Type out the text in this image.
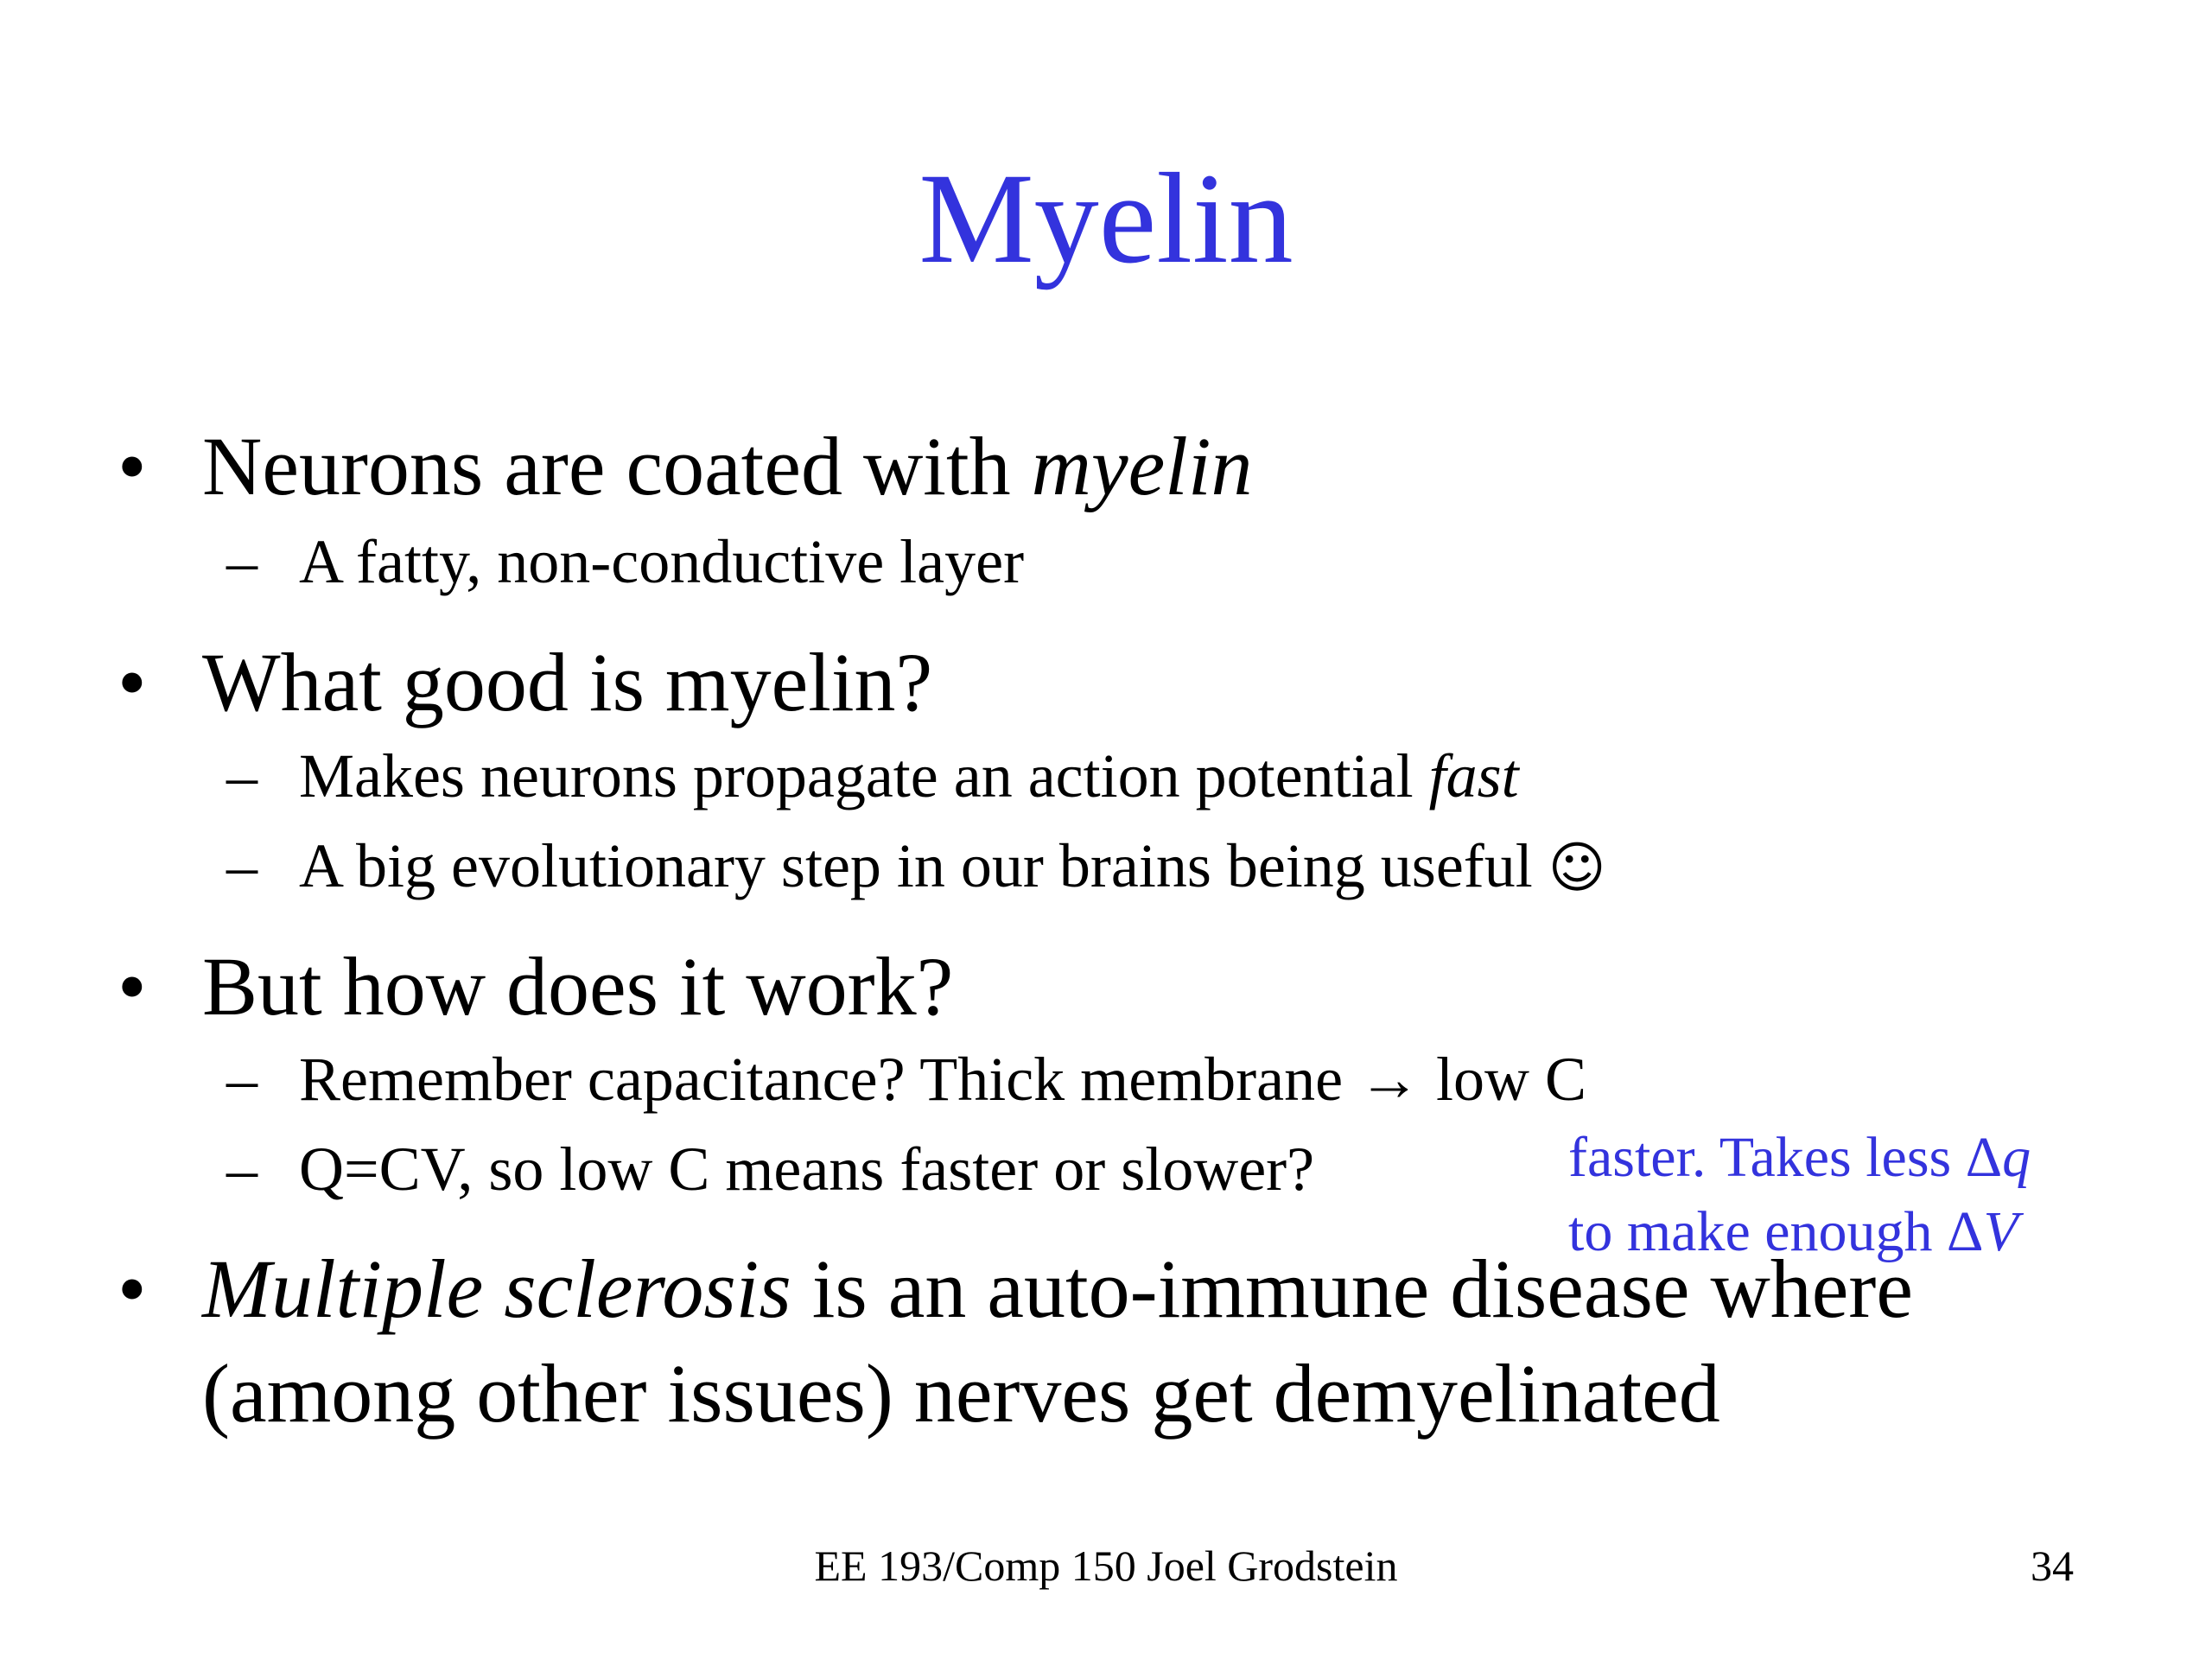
Myelin
• Neurons are coated with myelin
– A fatty, non-conductive layer
• What good is myelin?
– Makes neurons propagate an action potential fast
– A big evolutionary step in our brains being useful ☺
• But how does it work?
– Remember capacitance? Thick membrane → low C
– Q=CV, so low C means faster or slower?	faster. Takes less Δq
to make enough ΔV
• Multiple sclerosis is an auto-immune disease where
(among other issues) nerves get demyelinated
EE 193/Comp 150 Joel Grodstein	34
